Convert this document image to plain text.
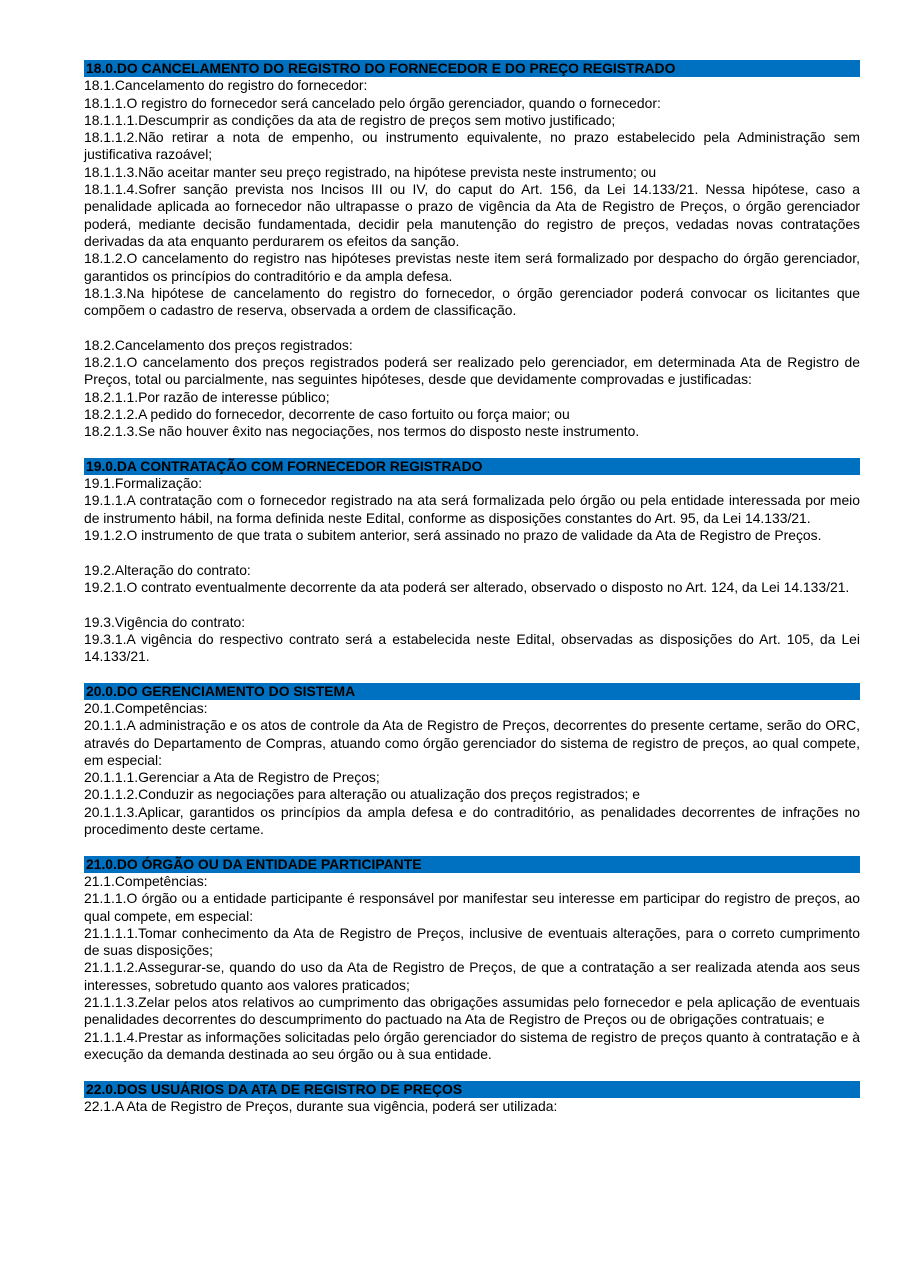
18.0.DO CANCELAMENTO DO REGISTRO DO FORNECEDOR E DO PREÇO REGISTRADO

18.1.Cancelamento do registro do fornecedor:

18.1.1.O registro do fornecedor será cancelado pelo órgão gerenciador, quando o fornecedor:

18.1.1.1.Descumprir as condições da ata de registro de preços sem motivo justificado;

18.1.1.2.Não retirar a nota de empenho, ou instrumento equivalente, no prazo estabelecido pela Administração sem justificativa razoável;

18.1.1.3.Não aceitar manter seu preço registrado, na hipótese prevista neste instrumento; ou

18.1.1.4.Sofrer sanção prevista nos Incisos III ou IV, do caput do Art. 156, da Lei 14.133/21. Nessa hipótese, caso a penalidade aplicada ao fornecedor não ultrapasse o prazo de vigência da Ata de Registro de Preços, o órgão gerenciador poderá, mediante decisão fundamentada, decidir pela manutenção do registro de preços, vedadas novas contratações derivadas da ata enquanto perdurarem os efeitos da sanção.

18.1.2.O cancelamento do registro nas hipóteses previstas neste item será formalizado por despacho do órgão gerenciador, garantidos os princípios do contraditório e da ampla defesa.

18.1.3.Na hipótese de cancelamento do registro do fornecedor, o órgão gerenciador poderá convocar os licitantes que compõem o cadastro de reserva, observada a ordem de classificação.

18.2.Cancelamento dos preços registrados:

18.2.1.O cancelamento dos preços registrados poderá ser realizado pelo gerenciador, em determinada Ata de Registro de Preços, total ou parcialmente, nas seguintes hipóteses, desde que devidamente comprovadas e justificadas:

18.2.1.1.Por razão de interesse público;

18.2.1.2.A pedido do fornecedor, decorrente de caso fortuito ou força maior; ou

18.2.1.3.Se não houver êxito nas negociações, nos termos do disposto neste instrumento.

19.0.DA CONTRATAÇÃO COM FORNECEDOR REGISTRADO

19.1.Formalização:

19.1.1.A contratação com o fornecedor registrado na ata será formalizada pelo órgão ou pela entidade interessada por meio de instrumento hábil, na forma definida neste Edital, conforme as disposições constantes do Art. 95, da Lei 14.133/21.

19.1.2.O instrumento de que trata o subitem anterior, será assinado no prazo de validade da Ata de Registro de Preços.

19.2.Alteração do contrato:

19.2.1.O contrato eventualmente decorrente da ata poderá ser alterado, observado o disposto no Art. 124, da Lei 14.133/21.

19.3.Vigência do contrato:

19.3.1.A vigência do respectivo contrato será a estabelecida neste Edital, observadas as disposições do Art. 105, da Lei 14.133/21.

20.0.DO GERENCIAMENTO DO SISTEMA

20.1.Competências:

20.1.1.A administração e os atos de controle da Ata de Registro de Preços, decorrentes do presente certame, serão do ORC, através do Departamento de Compras, atuando como órgão gerenciador do sistema de registro de preços, ao qual compete, em especial:

20.1.1.1.Gerenciar a Ata de Registro de Preços;

20.1.1.2.Conduzir as negociações para alteração ou atualização dos preços registrados; e

20.1.1.3.Aplicar, garantidos os princípios da ampla defesa e do contraditório, as penalidades decorrentes de infrações no procedimento deste certame.

21.0.DO ÓRGÃO OU DA ENTIDADE PARTICIPANTE

21.1.Competências:

21.1.1.O órgão ou a entidade participante é responsável por manifestar seu interesse em participar do registro de preços, ao qual compete, em especial:

21.1.1.1.Tomar conhecimento da Ata de Registro de Preços, inclusive de eventuais alterações, para o correto cumprimento de suas disposições;

21.1.1.2.Assegurar-se, quando do uso da Ata de Registro de Preços, de que a contratação a ser realizada atenda aos seus interesses, sobretudo quanto aos valores praticados;

21.1.1.3.Zelar pelos atos relativos ao cumprimento das obrigações assumidas pelo fornecedor e pela aplicação de eventuais penalidades decorrentes do descumprimento do pactuado na Ata de Registro de Preços ou de obrigações contratuais; e

21.1.1.4.Prestar as informações solicitadas pelo órgão gerenciador do sistema de registro de preços quanto à contratação e à execução da demanda destinada ao seu órgão ou à sua entidade.

22.0.DOS USUÁRIOS DA ATA DE REGISTRO DE PREÇOS

22.1.A Ata de Registro de Preços, durante sua vigência, poderá ser utilizada:
